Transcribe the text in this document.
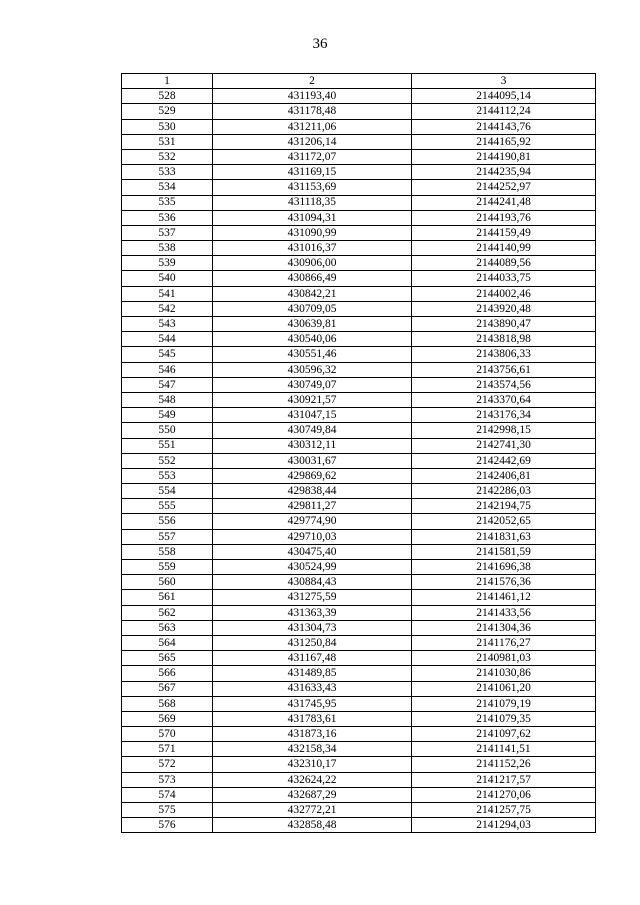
36
1	2	3
528	431193,40	2144095,14
529	431178,48	2144112,24
530	431211,06	2144143,76
531	431206,14	2144165,92
532	431172,07	2144190,81
533	431169,15	2144235,94
534	431153,69	2144252,97
535	431118,35	2144241,48
536	431094,31	2144193,76
537	431090,99	2144159,49
538	431016,37	2144140,99
539	430906,00	2144089,56
540	430866,49	2144033,75
541	430842,21	2144002,46
542	430709,05	2143920,48
543	430639,81	2143890,47
544	430540,06	2143818,98
545	430551,46	2143806,33
546	430596,32	2143756,61
547	430749,07	2143574,56
548	430921,57	2143370,64
549	431047,15	2143176,34
550	430749,84	2142998,15
551	430312,11	2142741,30
552	430031,67	2142442,69
553	429869,62	2142406,81
554	429838,44	2142286,03
555	429811,27	2142194,75
556	429774,90	2142052,65
557	429710,03	2141831,63
558	430475,40	2141581,59
559	430524,99	2141696,38
560	430884,43	2141576,36
561	431275,59	2141461,12
562	431363,39	2141433,56
563	431304,73	2141304,36
564	431250,84	2141176,27
565	431167,48	2140981,03
566	431489,85	2141030,86
567	431633,43	2141061,20
568	431745,95	2141079,19
569	431783,61	2141079,35
570	431873,16	2141097,62
571	432158,34	2141141,51
572	432310,17	2141152,26
573	432624,22	2141217,57
574	432687,29	2141270,06
575	432772,21	2141257,75
576	432858,48	2141294,03
